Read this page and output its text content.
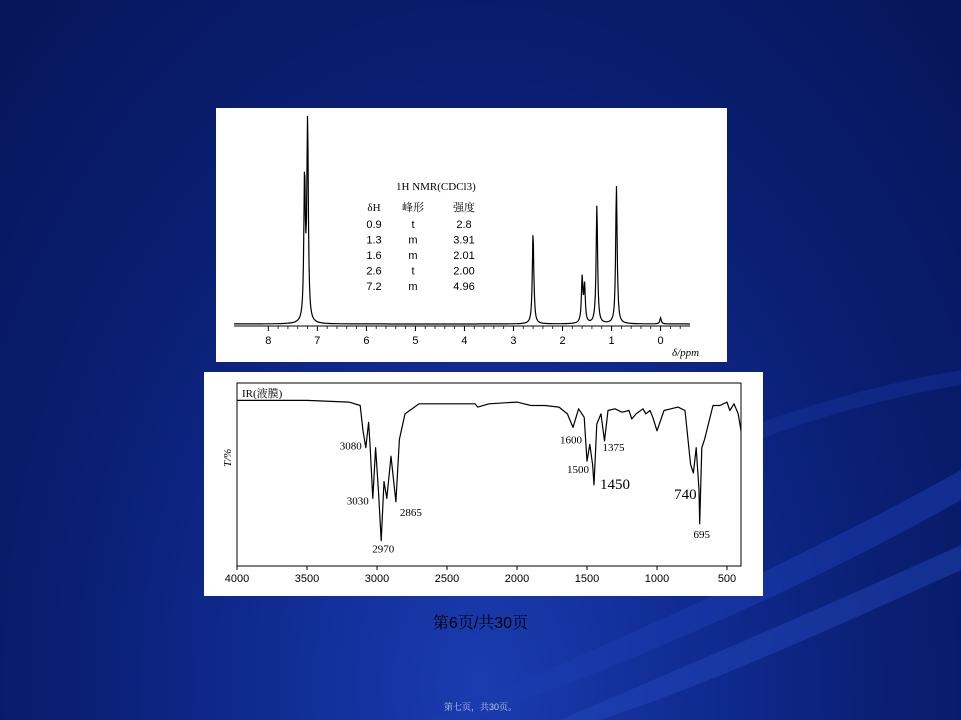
8	7	6	5	4	3	2	1	0
δ/ppm
1H NMR(CDCl3)
δH 峰形	强度
0.9	t	2.8
1.3 m	3.91
1.6 m	2.01
2.6	t	2.00
7.2 m	4.96
IR(液膜)
T/%
4000	3500	3000	2500	2000	1500	1000	500
3080
3030
2970
2865
1600
1500
1450
1375
740
695
第6页/共30页
第七页，共30页。
